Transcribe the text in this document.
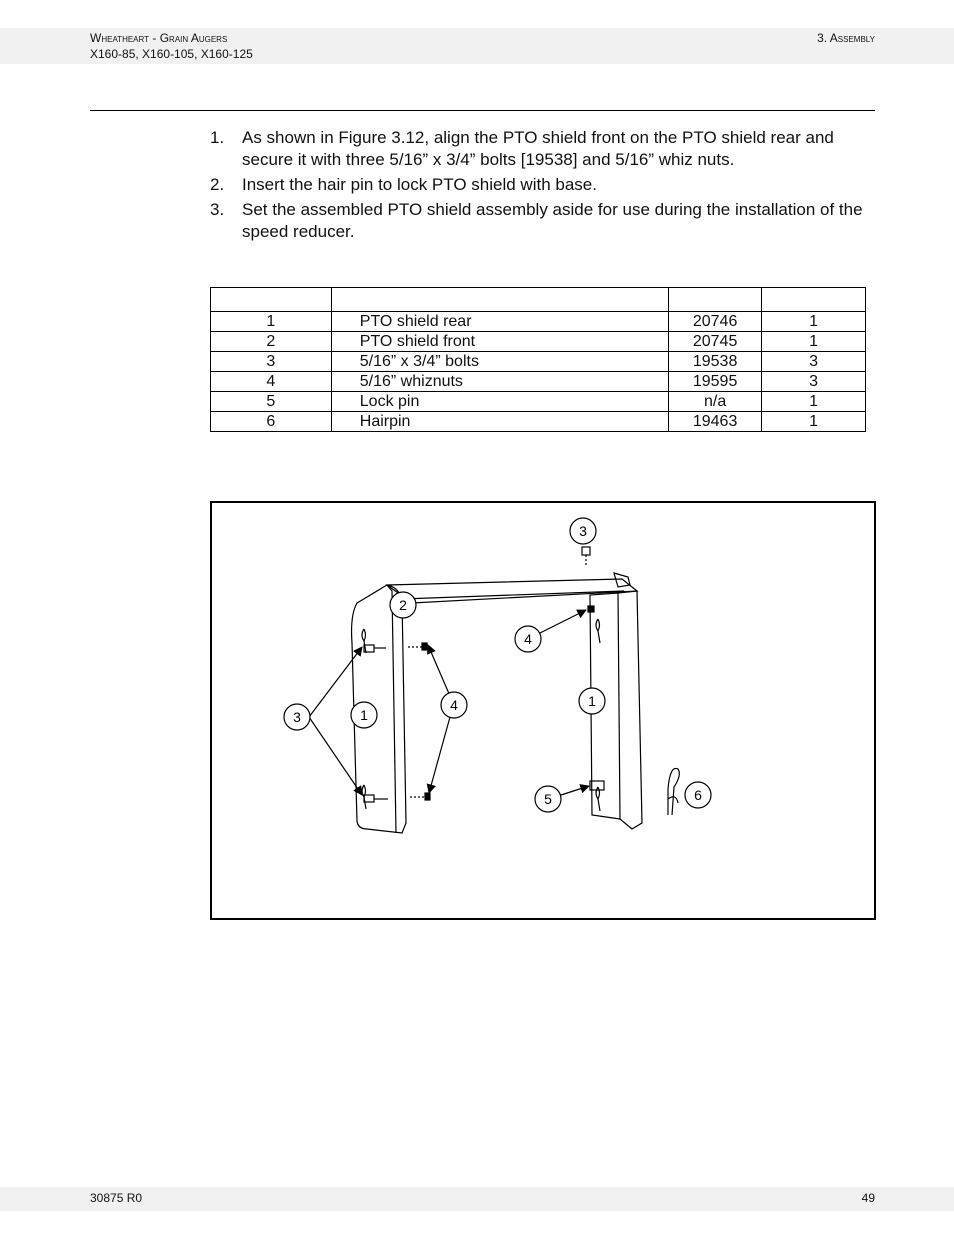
Wheatheart - Grain Augers
X160-85, X160-105, X160-125
3. Assembly
1. As shown in Figure 3.12, align the PTO shield front on the PTO shield rear and secure it with three 5/16” x 3/4” bolts [19538] and 5/16” whiz nuts.
2. Insert the hair pin to lock PTO shield with base.
3. Set the assembled PTO shield assembly aside for use during the installation of the speed reducer.

1	PTO shield rear	20746	1
2	PTO shield front	20745	1
3	5/16” x 3/4” bolts	19538	3
4	5/16” whiznuts	19595	3
5	Lock pin	n/a	1
6	Hairpin	19463	1
3
2
4
1
3	1
4
5	6
30875 R0	49
